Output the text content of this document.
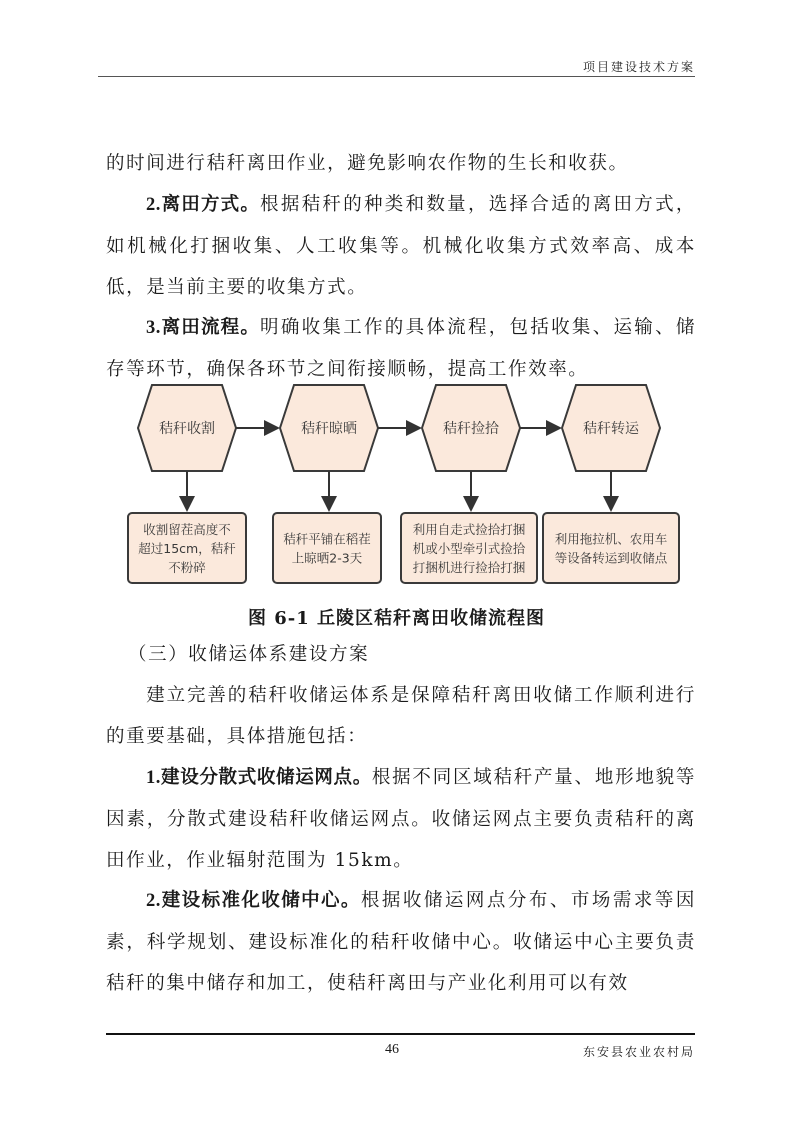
项目建设技术方案

的时间进行秸秆离田作业，避免影响农作物的生长和收获。

2.离田方式。根据秸秆的种类和数量，选择合适的离田方式，如机械化打捆收集、人工收集等。机械化收集方式效率高、成本低，是当前主要的收集方式。

3.离田流程。明确收集工作的具体流程，包括收集、运输、储存等环节，确保各环节之间衔接顺畅，提高工作效率。

秸秆收割
收割留茬高度不
超过15cm，秸秆
不粉碎
秸秆晾晒
秸秆平铺在稻茬
上晾晒2-3天
秸秆捡拾
利用自走式捡拾打捆
机或小型牵引式捡拾
打捆机进行捡拾打捆
秸秆转运
利用拖拉机、农用车
等设备转运到收储点
图 6-1 丘陵区秸秆离田收储流程图

（三）收储运体系建设方案

建立完善的秸秆收储运体系是保障秸秆离田收储工作顺利进行的重要基础，具体措施包括：

1.建设分散式收储运网点。根据不同区域秸秆产量、地形地貌等因素，分散式建设秸秆收储运网点。收储运网点主要负责秸秆的离田作业，作业辐射范围为 15km。

2.建设标准化收储中心。根据收储运网点分布、市场需求等因素，科学规划、建设标准化的秸秆收储中心。收储运中心主要负责秸秆的集中储存和加工，使秸秆离田与产业化利用可以有效

46	东安县农业农村局
